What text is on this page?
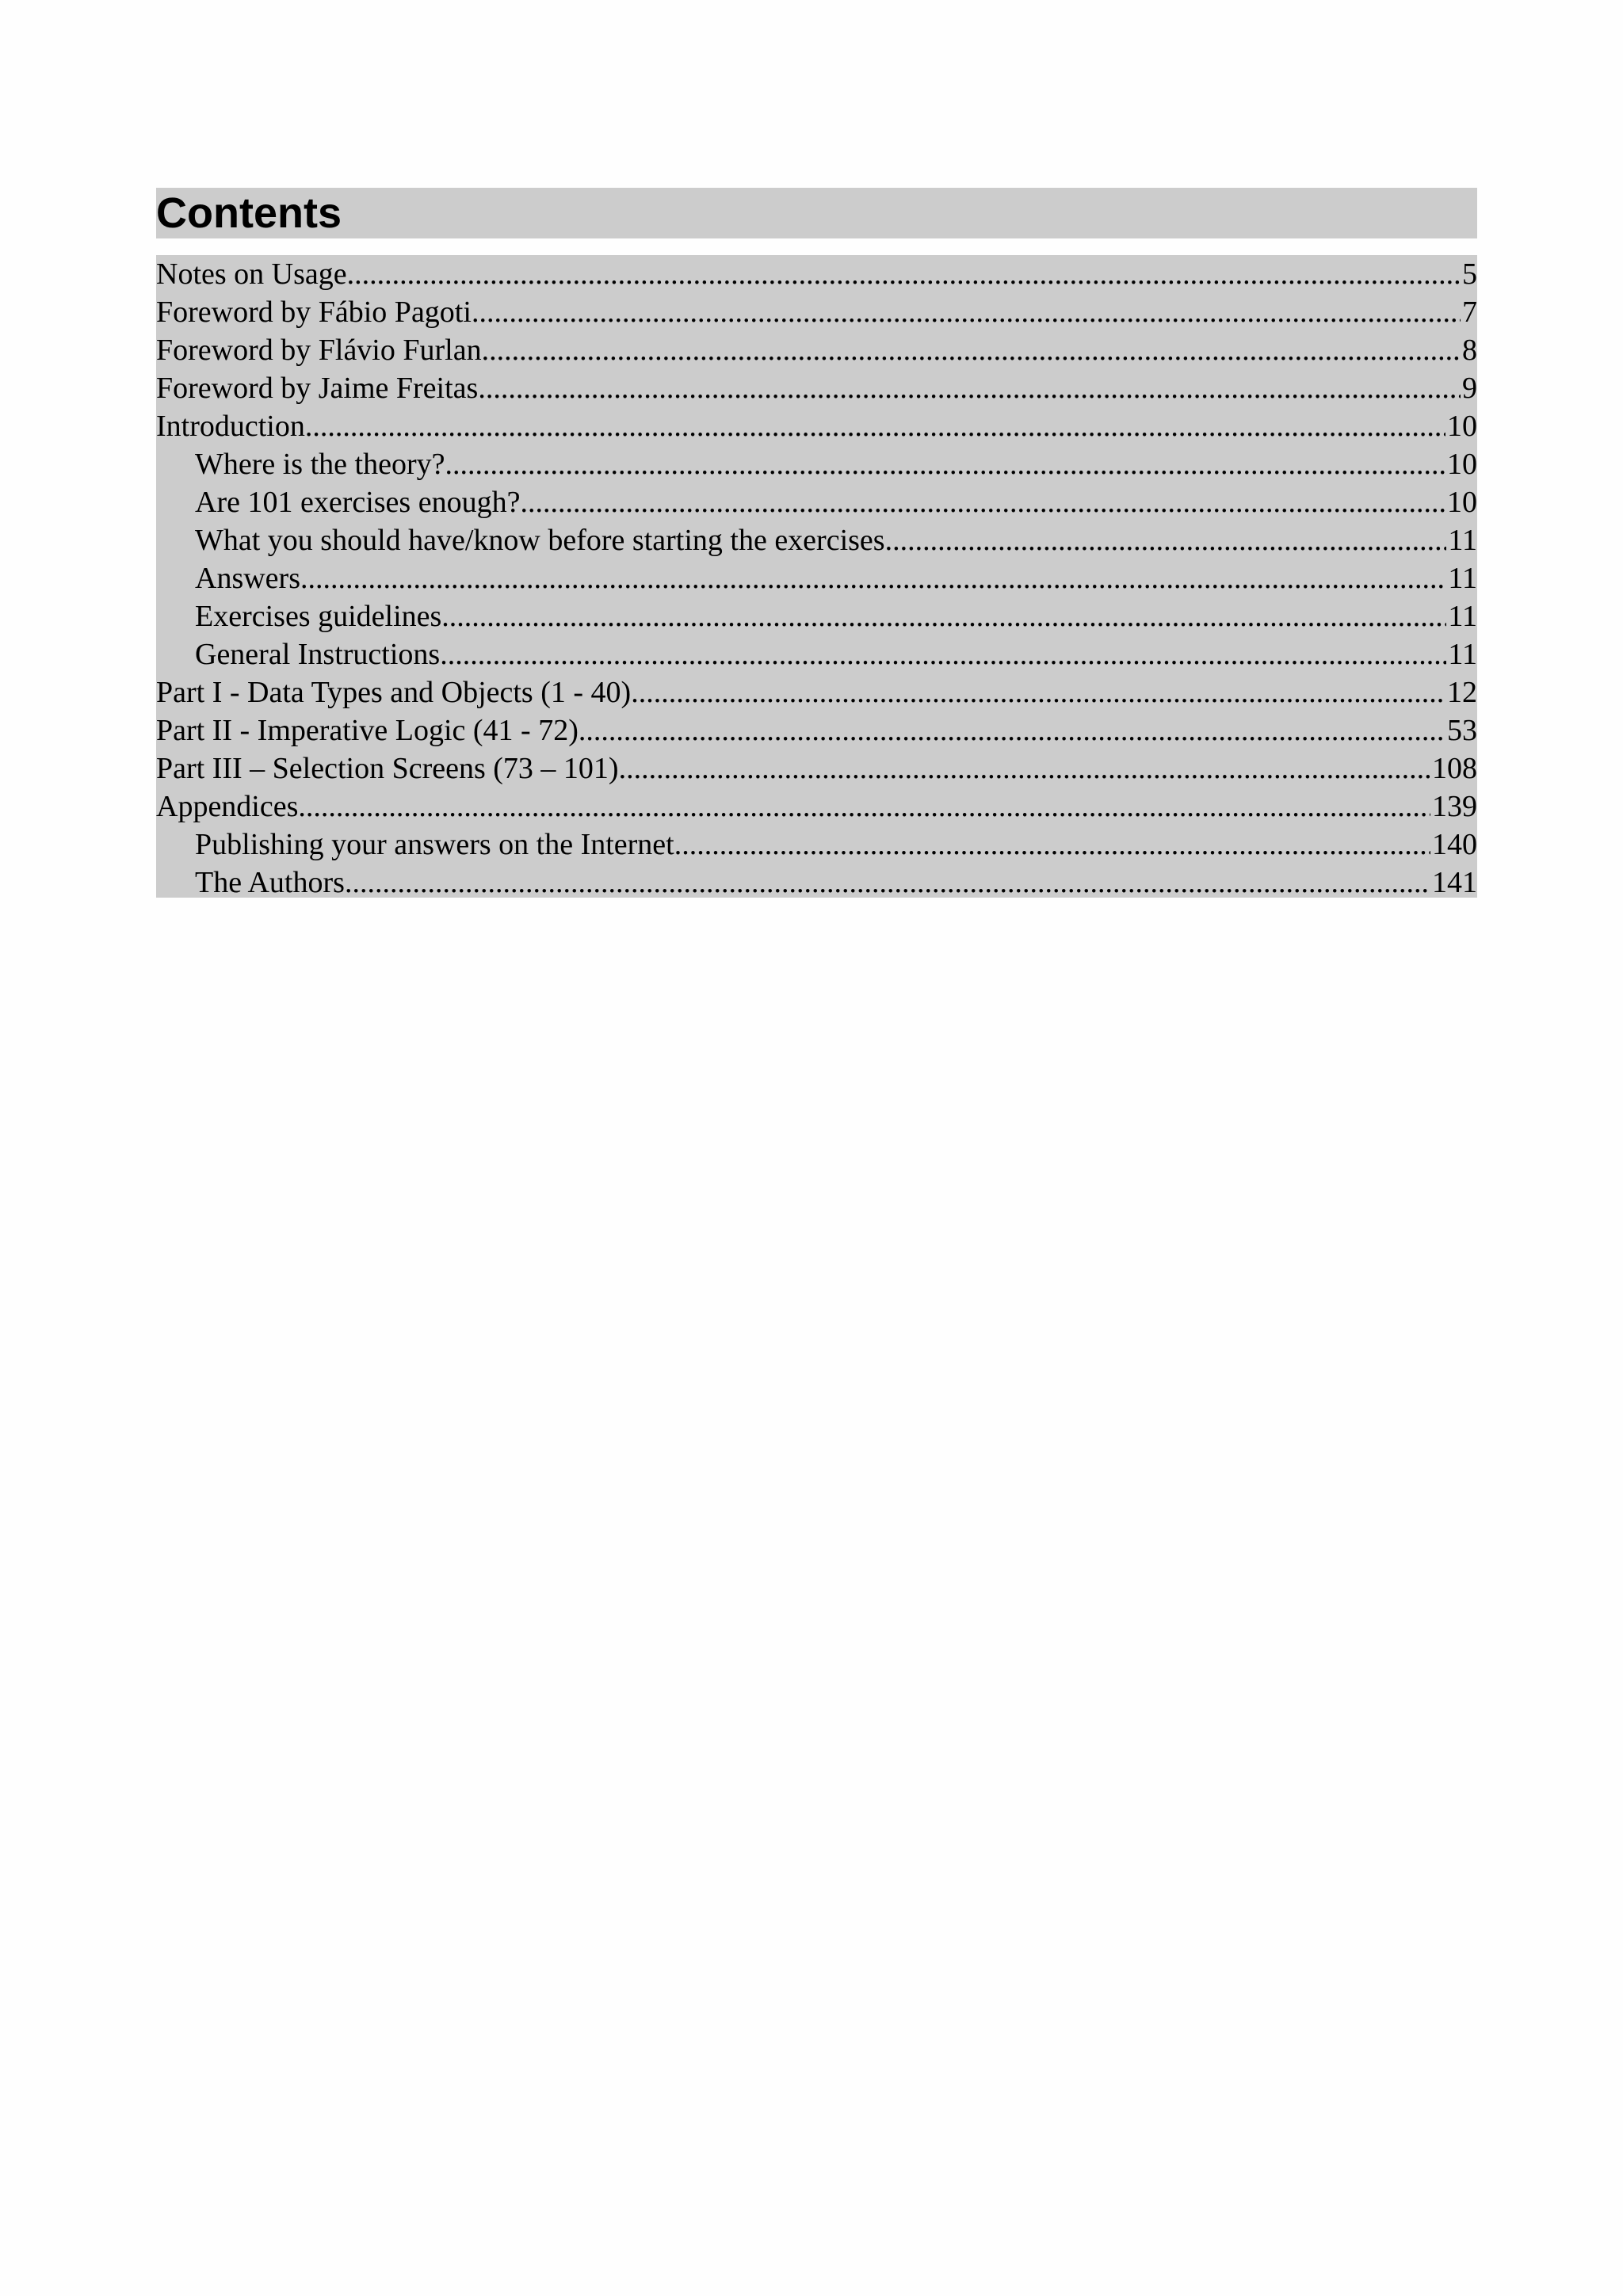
Contents
Notes on Usage .....	5
Foreword by Fábio Pagoti .....	7
Foreword by Flávio Furlan .....	8
Foreword by Jaime Freitas .....	9
Introduction .....	10
Where is the theory? .....	10
Are 101 exercises enough? .....	10
What you should have/know before starting the exercises .....	11
Answers .....	11
Exercises guidelines .....	11
General Instructions .....	11
Part I - Data Types and Objects (1 - 40) .....	12
Part II - Imperative Logic (41 - 72) .....	53
Part III – Selection Screens (73 – 101) .....	108
Appendices .....	139
Publishing your answers on the Internet .....	140
The Authors .....	141
